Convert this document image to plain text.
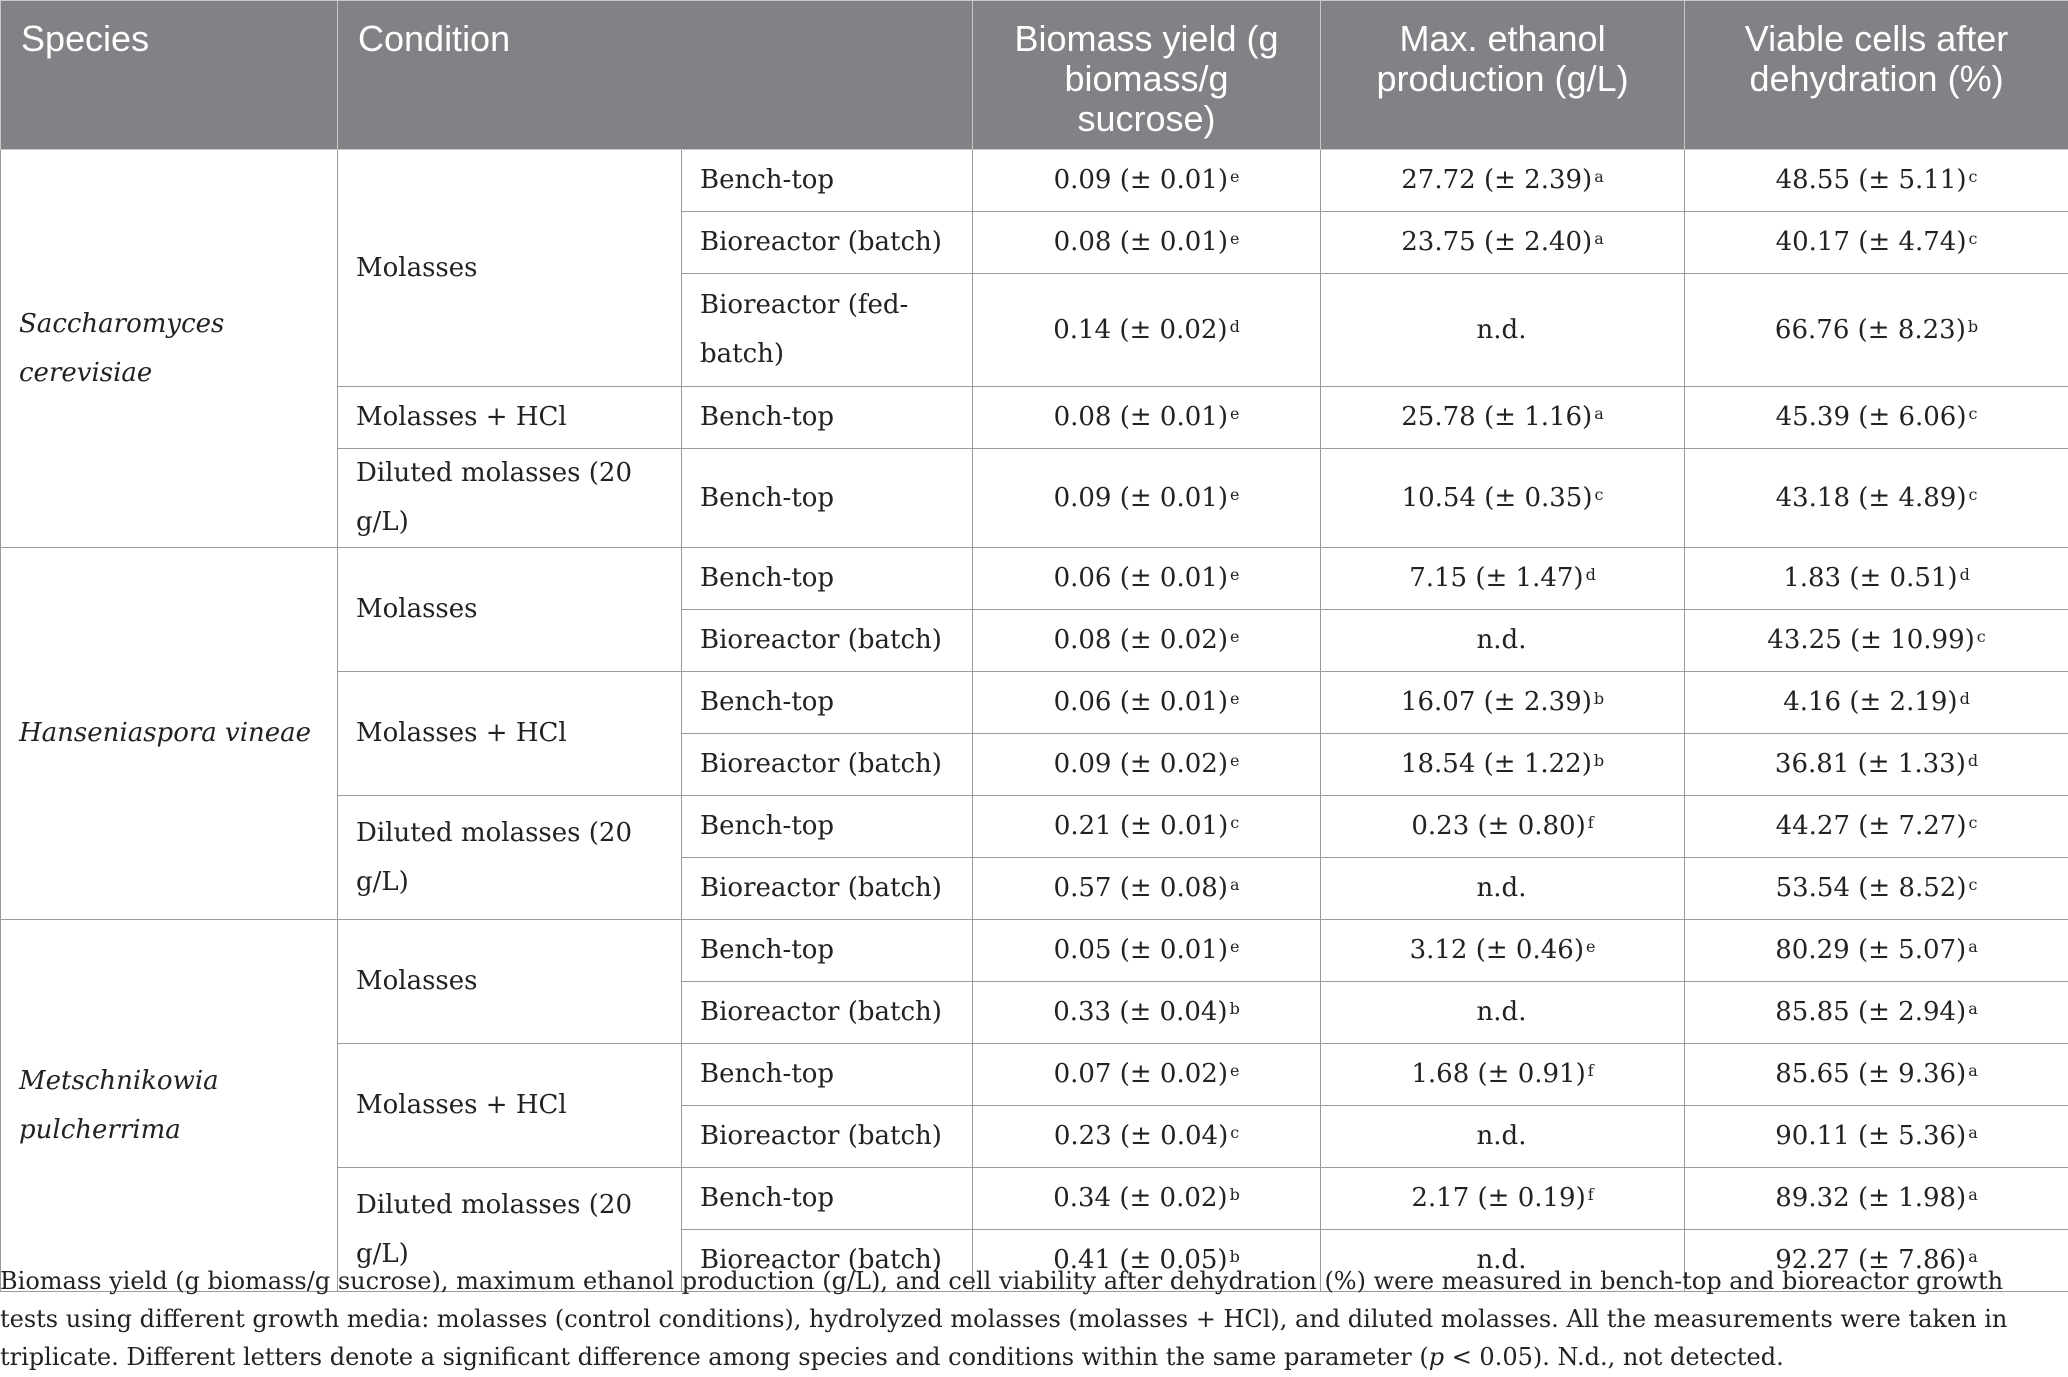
Species	Condition		Biomass yield (g biomass/g sucrose)	Max. ethanol production (g/L)	Viable cells after dehydration (%)
Saccharomyces cerevisiae	Molasses	Bench-top	0.09 (± 0.01) $^e$	27.72 (± 2.39) $^a$	48.55 (± 5.11) $^c$
		Bioreactor (batch)	0.08 (± 0.01) $^e$	23.75 (± 2.40) $^a$	40.17 (± 4.74) $^c$
		Bioreactor (fed-batch)	0.14 (± 0.02) $^d$	n.d.	66.76 (± 8.23) $^b$
	Molasses + HCl	Bench-top	0.08 (± 0.01) $^e$	25.78 (± 1.16) $^a$	45.39 (± 6.06) $^c$
	Diluted molasses (20 g/L)	Bench-top	0.09 (± 0.01) $^e$	10.54 (± 0.35) $^c$	43.18 (± 4.89) $^c$
Hanseniaspora vineae	Molasses	Bench-top	0.06 (± 0.01) $^e$	7.15 (± 1.47) $^d$	1.83 (± 0.51) $^d$
		Bioreactor (batch)	0.08 (± 0.02) $^e$	n.d.	43.25 (± 10.99) $^c$
	Molasses + HCl	Bench-top	0.06 (± 0.01) $^e$	16.07 (± 2.39) $^b$	4.16 (± 2.19) $^d$
		Bioreactor (batch)	0.09 (± 0.02) $^e$	18.54 (± 1.22) $^b$	36.81 (± 1.33) $^d$
	Diluted molasses (20 g/L)	Bench-top	0.21 (± 0.01) $^c$	0.23 (± 0.80) $^f$	44.27 (± 7.27) $^c$
		Bioreactor (batch)	0.57 (± 0.08) $^a$	n.d.	53.54 (± 8.52) $^c$
Metschnikowia pulcherrima	Molasses	Bench-top	0.05 (± 0.01) $^e$	3.12 (± 0.46) $^e$	80.29 (± 5.07) $^a$
		Bioreactor (batch)	0.33 (± 0.04) $^b$	n.d.	85.85 (± 2.94) $^a$
	Molasses + HCl	Bench-top	0.07 (± 0.02) $^e$	1.68 (± 0.91) $^f$	85.65 (± 9.36) $^a$
		Bioreactor (batch)	0.23 (± 0.04) $^c$	n.d.	90.11 (± 5.36) $^a$
	Diluted molasses (20 g/L)	Bench-top	0.34 (± 0.02) $^b$	2.17 (± 0.19) $^f$	89.32 (± 1.98) $^a$
		Bioreactor (batch)	0.41 (± 0.05) $^b$	n.d.	92.27 (± 7.86) $^a$

Biomass yield (g biomass/g sucrose), maximum ethanol production (g/L), and cell viability after dehydration (%) were measured in bench-top and bioreactor growth tests using different growth media: molasses (control conditions), hydrolyzed molasses (molasses + HCl), and diluted molasses. All the measurements were taken in triplicate. Different letters denote a significant difference among species and conditions within the same parameter (p < 0.05). N.d., not detected.
